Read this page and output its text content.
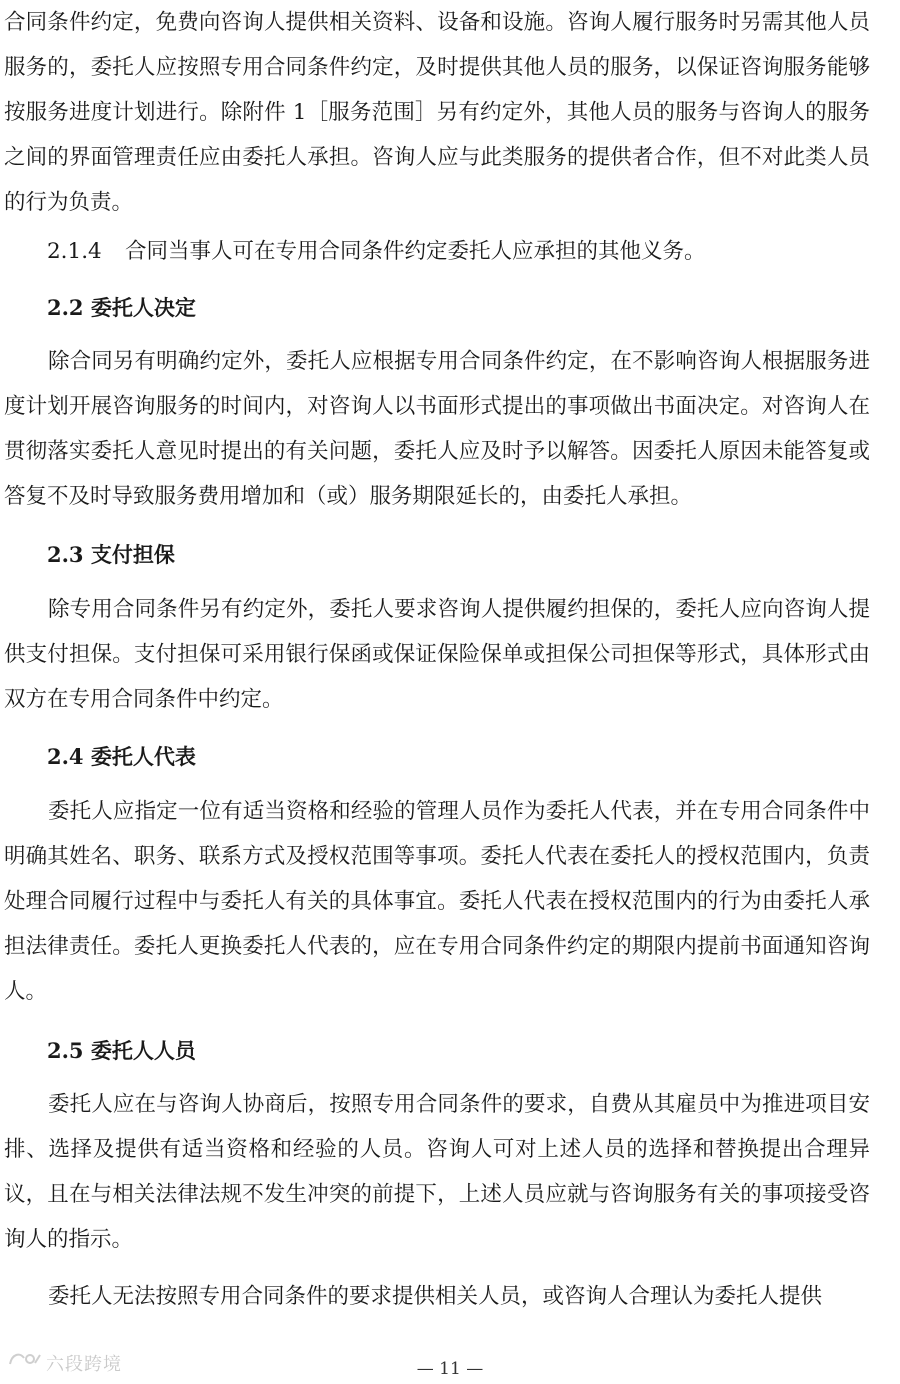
合同条件约定，免费向咨询人提供相关资料、设备和设施。咨询人履行服务时另需其他人员服务的，委托人应按照专用合同条件约定，及时提供其他人员的服务，以保证咨询服务能够按服务进度计划进行。除附件 1［服务范围］另有约定外，其他人员的服务与咨询人的服务之间的界面管理责任应由委托人承担。咨询人应与此类服务的提供者合作，但不对此类人员的行为负责。

2.1.4 合同当事人可在专用合同条件约定委托人应承担的其他义务。

2.2 委托人决定

除合同另有明确约定外，委托人应根据专用合同条件约定，在不影响咨询人根据服务进度计划开展咨询服务的时间内，对咨询人以书面形式提出的事项做出书面决定。对咨询人在贯彻落实委托人意见时提出的有关问题，委托人应及时予以解答。因委托人原因未能答复或答复不及时导致服务费用增加和（或）服务期限延长的，由委托人承担。

2.3 支付担保

除专用合同条件另有约定外，委托人要求咨询人提供履约担保的，委托人应向咨询人提供支付担保。支付担保可采用银行保函或保证保险保单或担保公司担保等形式，具体形式由双方在专用合同条件中约定。

2.4 委托人代表

委托人应指定一位有适当资格和经验的管理人员作为委托人代表，并在专用合同条件中明确其姓名、职务、联系方式及授权范围等事项。委托人代表在委托人的授权范围内，负责处理合同履行过程中与委托人有关的具体事宜。委托人代表在授权范围内的行为由委托人承担法律责任。委托人更换委托人代表的，应在专用合同条件约定的期限内提前书面通知咨询人。

2.5 委托人人员

委托人应在与咨询人协商后，按照专用合同条件的要求，自费从其雇员中为推进项目安排、选择及提供有适当资格和经验的人员。咨询人可对上述人员的选择和替换提出合理异议，且在与相关法律法规不发生冲突的前提下，上述人员应就与咨询服务有关的事项接受咨询人的指示。

委托人无法按照专用合同条件的要求提供相关人员，或咨询人合理认为委托人提供

六段跨境	— 11 —
